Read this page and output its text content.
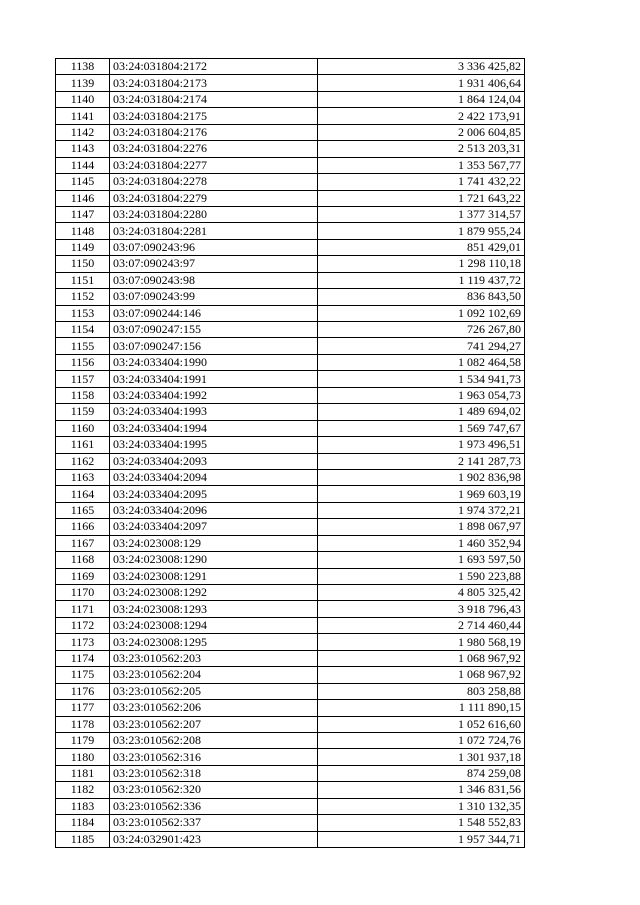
1138	03:24:031804:2172	3 336 425,82
1139	03:24:031804:2173	1 931 406,64
1140	03:24:031804:2174	1 864 124,04
1141	03:24:031804:2175	2 422 173,91
1142	03:24:031804:2176	2 006 604,85
1143	03:24:031804:2276	2 513 203,31
1144	03:24:031804:2277	1 353 567,77
1145	03:24:031804:2278	1 741 432,22
1146	03:24:031804:2279	1 721 643,22
1147	03:24:031804:2280	1 377 314,57
1148	03:24:031804:2281	1 879 955,24
1149	03:07:090243:96	851 429,01
1150	03:07:090243:97	1 298 110,18
1151	03:07:090243:98	1 119 437,72
1152	03:07:090243:99	836 843,50
1153	03:07:090244:146	1 092 102,69
1154	03:07:090247:155	726 267,80
1155	03:07:090247:156	741 294,27
1156	03:24:033404:1990	1 082 464,58
1157	03:24:033404:1991	1 534 941,73
1158	03:24:033404:1992	1 963 054,73
1159	03:24:033404:1993	1 489 694,02
1160	03:24:033404:1994	1 569 747,67
1161	03:24:033404:1995	1 973 496,51
1162	03:24:033404:2093	2 141 287,73
1163	03:24:033404:2094	1 902 836,98
1164	03:24:033404:2095	1 969 603,19
1165	03:24:033404:2096	1 974 372,21
1166	03:24:033404:2097	1 898 067,97
1167	03:24:023008:129	1 460 352,94
1168	03:24:023008:1290	1 693 597,50
1169	03:24:023008:1291	1 590 223,88
1170	03:24:023008:1292	4 805 325,42
1171	03:24:023008:1293	3 918 796,43
1172	03:24:023008:1294	2 714 460,44
1173	03:24:023008:1295	1 980 568,19
1174	03:23:010562:203	1 068 967,92
1175	03:23:010562:204	1 068 967,92
1176	03:23:010562:205	803 258,88
1177	03:23:010562:206	1 111 890,15
1178	03:23:010562:207	1 052 616,60
1179	03:23:010562:208	1 072 724,76
1180	03:23:010562:316	1 301 937,18
1181	03:23:010562:318	874 259,08
1182	03:23:010562:320	1 346 831,56
1183	03:23:010562:336	1 310 132,35
1184	03:23:010562:337	1 548 552,83
1185	03:24:032901:423	1 957 344,71
